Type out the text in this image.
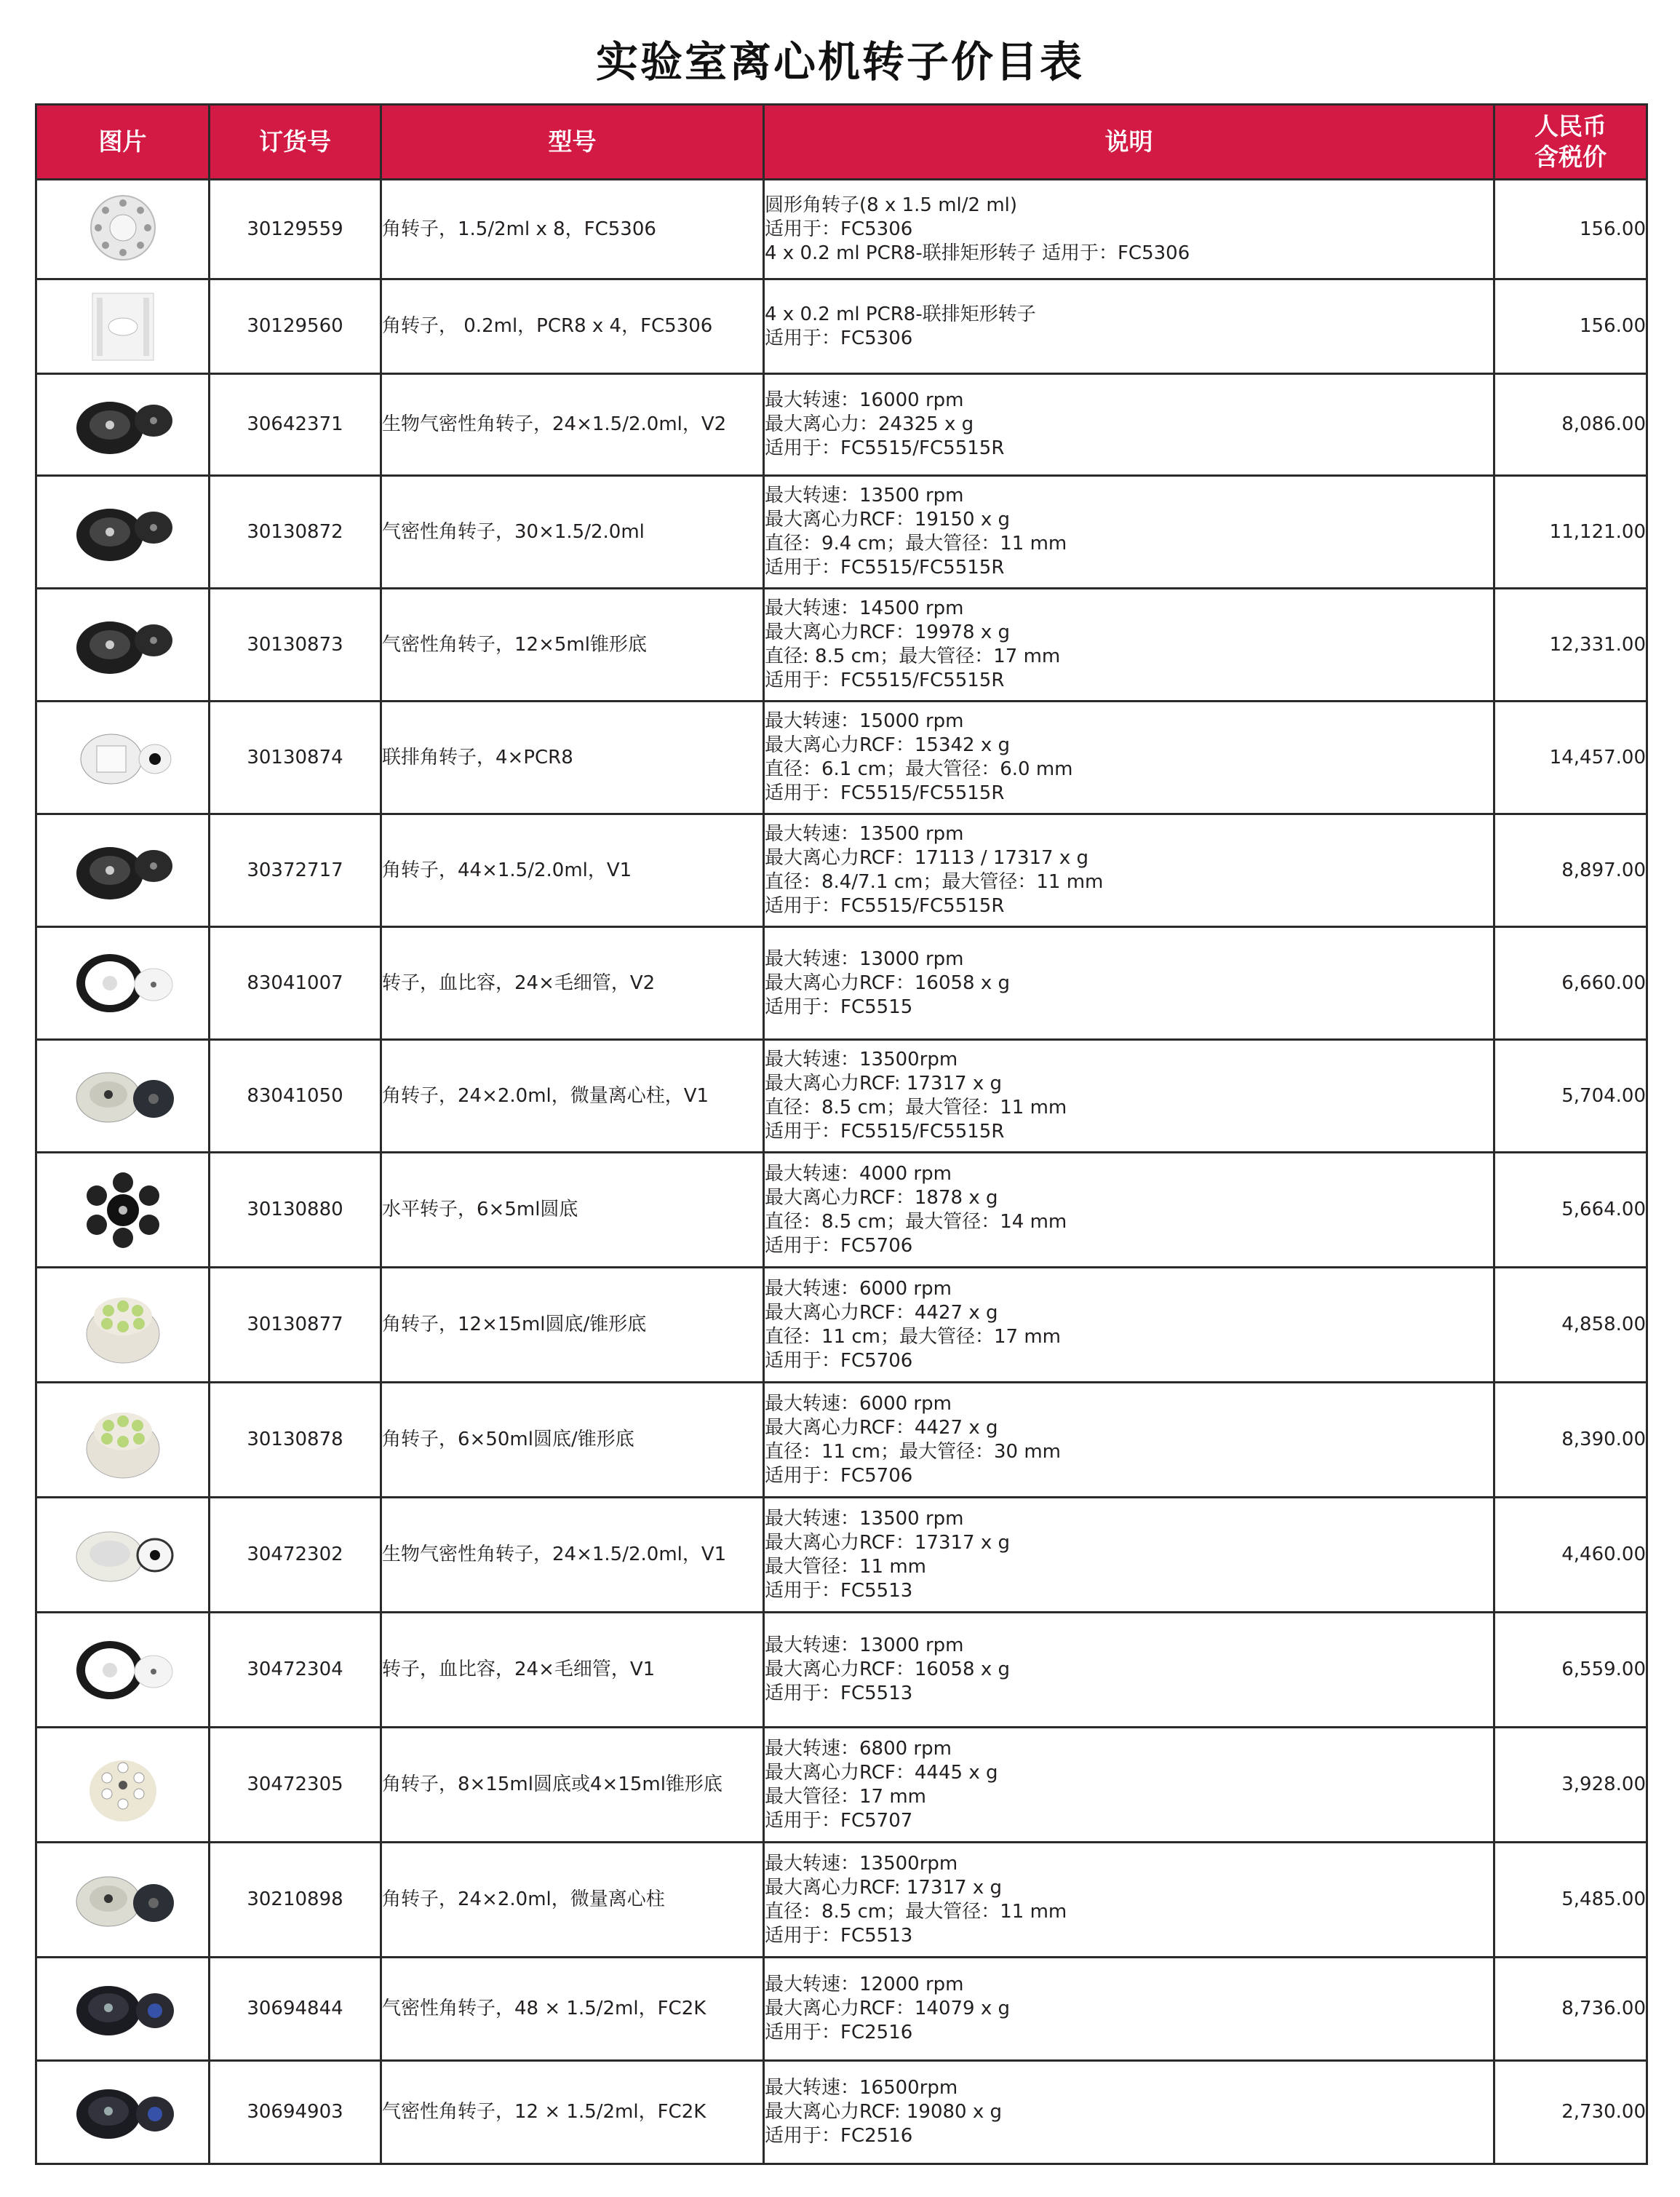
实验室离心机转子价目表
图片	订货号	型号	说明	人民币
含税价

	30129559	角转子，1.5/2ml x 8，FC5306	圆形角转子(8 x 1.5 ml/2 ml)
适用于：FC5306
4 x 0.2 ml PCR8-联排矩形转子 适用于：FC5306	156.00

	30129560	角转子， 0.2ml，PCR8 x 4，FC5306	4 x 0.2 ml PCR8-联排矩形转子
适用于：FC5306	156.00

	30642371	生物气密性角转子，24×1.5/2.0ml，V2	最大转速：16000 rpm
最大离心力：24325 x g
适用于：FC5515/FC5515R	8,086.00

	30130872	气密性角转子，30×1.5/2.0ml	最大转速：13500 rpm
最大离心力RCF：19150 x g
直径：9.4 cm；最大管径：11 mm
适用于：FC5515/FC5515R	11,121.00

	30130873	气密性角转子，12×5ml锥形底	最大转速：14500 rpm
最大离心力RCF：19978 x g
直径: 8.5 cm；最大管径：17 mm
适用于：FC5515/FC5515R	12,331.00

	30130874	联排角转子，4×PCR8	最大转速：15000 rpm
最大离心力RCF：15342 x g
直径：6.1 cm；最大管径：6.0 mm
适用于：FC5515/FC5515R	14,457.00

	30372717	角转子，44×1.5/2.0ml，V1	最大转速：13500 rpm
最大离心力RCF：17113 / 17317 x g
直径：8.4/7.1 cm；最大管径：11 mm
适用于：FC5515/FC5515R	8,897.00

	83041007	转子，血比容，24×毛细管，V2	最大转速：13000 rpm
最大离心力RCF：16058 x g
适用于：FC5515	6,660.00

	83041050	角转子，24×2.0ml，微量离心柱，V1	最大转速：13500rpm
最大离心力RCF: 17317 x g
直径：8.5 cm；最大管径：11 mm
适用于：FC5515/FC5515R	5,704.00

	30130880	水平转子，6×5ml圆底	最大转速：4000 rpm
最大离心力RCF：1878 x g
直径：8.5 cm；最大管径：14 mm
适用于：FC5706	5,664.00

	30130877	角转子，12×15ml圆底/锥形底	最大转速：6000 rpm
最大离心力RCF：4427 x g
直径：11 cm；最大管径：17 mm
适用于：FC5706	4,858.00

	30130878	角转子，6×50ml圆底/锥形底	最大转速：6000 rpm
最大离心力RCF：4427 x g
直径：11 cm；最大管径：30 mm
适用于：FC5706	8,390.00

	30472302	生物气密性角转子，24×1.5/2.0ml，V1	最大转速：13500 rpm
最大离心力RCF：17317 x g
最大管径：11 mm
适用于：FC5513	4,460.00

	30472304	转子，血比容，24×毛细管，V1	最大转速：13000 rpm
最大离心力RCF：16058 x g
适用于：FC5513	6,559.00

	30472305	角转子，8×15ml圆底或4×15ml锥形底	最大转速：6800 rpm
最大离心力RCF：4445 x g
最大管径：17 mm
适用于：FC5707	3,928.00

	30210898	角转子，24×2.0ml，微量离心柱	最大转速：13500rpm
最大离心力RCF: 17317 x g
直径：8.5 cm；最大管径：11 mm
适用于：FC5513	5,485.00

	30694844	气密性角转子，48 × 1.5/2ml，FC2K	最大转速：12000 rpm
最大离心力RCF：14079 x g
适用于：FC2516	8,736.00

	30694903	气密性角转子，12 × 1.5/2ml，FC2K	最大转速：16500rpm
最大离心力RCF: 19080 x g
适用于：FC2516	2,730.00
